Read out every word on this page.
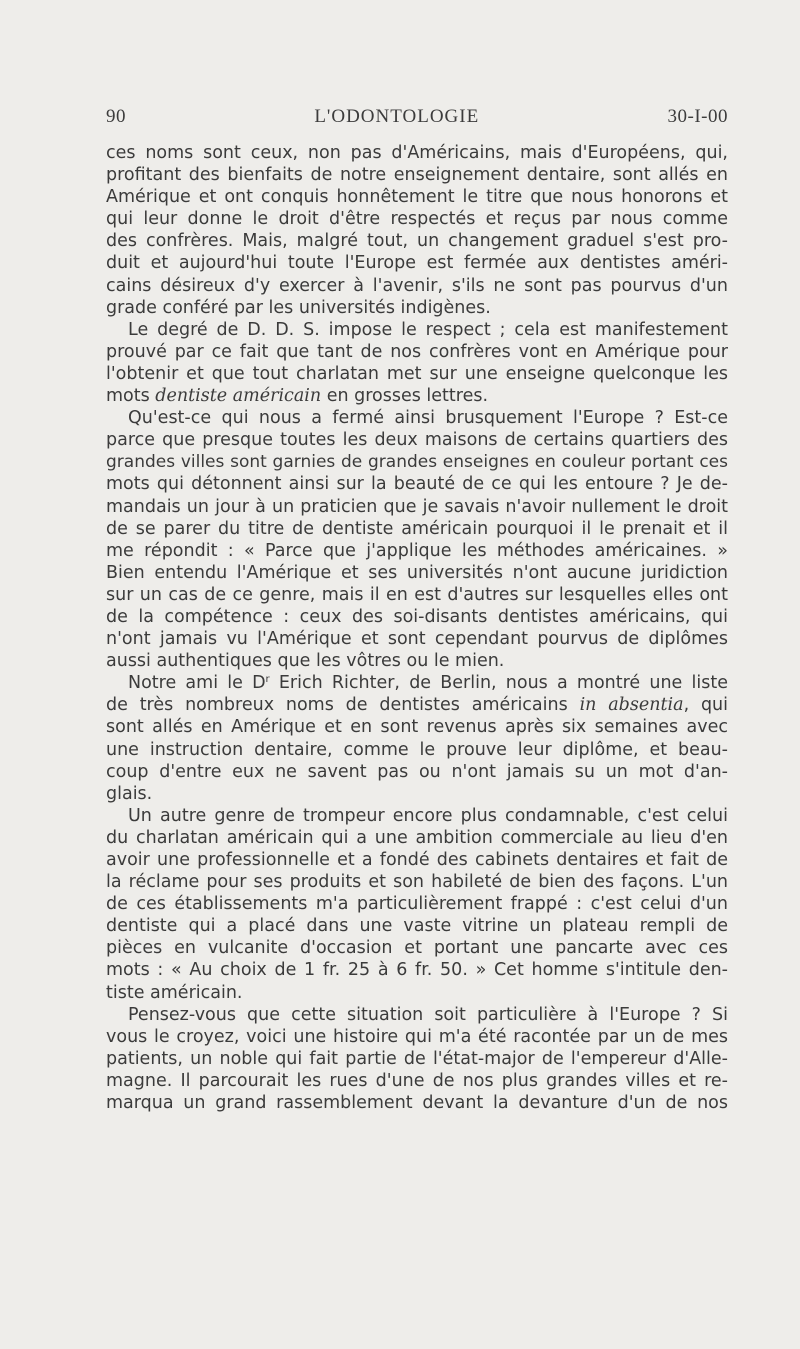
90	L'ODONTOLOGIE	30-I-00
ces noms sont ceux, non pas d'Américains, mais d'Européens, qui,
profitant des bienfaits de notre enseignement dentaire, sont allés en
Amérique et ont conquis honnêtement le titre que nous honorons et
qui leur donne le droit d'être respectés et reçus par nous comme
des confrères. Mais, malgré tout, un changement graduel s'est pro-
duit et aujourd'hui toute l'Europe est fermée aux dentistes améri-
cains désireux d'y exercer à l'avenir, s'ils ne sont pas pourvus d'un
grade conféré par les universités indigènes.
Le degré de D. D. S. impose le respect ; cela est manifestement
prouvé par ce fait que tant de nos confrères vont en Amérique pour
l'obtenir et que tout charlatan met sur une enseigne quelconque les
mots dentiste américain en grosses lettres.
Qu'est-ce qui nous a fermé ainsi brusquement l'Europe ? Est-ce
parce que presque toutes les deux maisons de certains quartiers des
grandes villes sont garnies de grandes enseignes en couleur portant ces
mots qui détonnent ainsi sur la beauté de ce qui les entoure ? Je de-
mandais un jour à un praticien que je savais n'avoir nullement le droit
de se parer du titre de dentiste américain pourquoi il le prenait et il
me répondit : « Parce que j'applique les méthodes américaines. »
Bien entendu l'Amérique et ses universités n'ont aucune juridiction
sur un cas de ce genre, mais il en est d'autres sur lesquelles elles ont
de la compétence : ceux des soi-disants dentistes américains, qui
n'ont jamais vu l'Amérique et sont cependant pourvus de diplômes
aussi authentiques que les vôtres ou le mien.
Notre ami le $D^r$ Erich Richter, de Berlin, nous a montré une liste
de très nombreux noms de dentistes américains in absentia, qui
sont allés en Amérique et en sont revenus après six semaines avec
une instruction dentaire, comme le prouve leur diplôme, et beau-
coup d'entre eux ne savent pas ou n'ont jamais su un mot d'an-
glais.
Un autre genre de trompeur encore plus condamnable, c'est celui
du charlatan américain qui a une ambition commerciale au lieu d'en
avoir une professionnelle et a fondé des cabinets dentaires et fait de
la réclame pour ses produits et son habileté de bien des façons. L'un
de ces établissements m'a particulièrement frappé : c'est celui d'un
dentiste qui a placé dans une vaste vitrine un plateau rempli de
pièces en vulcanite d'occasion et portant une pancarte avec ces
mots : « Au choix de 1 fr. 25 à 6 fr. 50. » Cet homme s'intitule den-
tiste américain.
Pensez-vous que cette situation soit particulière à l'Europe ? Si
vous le croyez, voici une histoire qui m'a été racontée par un de mes
patients, un noble qui fait partie de l'état-major de l'empereur d'Alle-
magne. Il parcourait les rues d'une de nos plus grandes villes et re-
marqua un grand rassemblement devant la devanture d'un de nos
